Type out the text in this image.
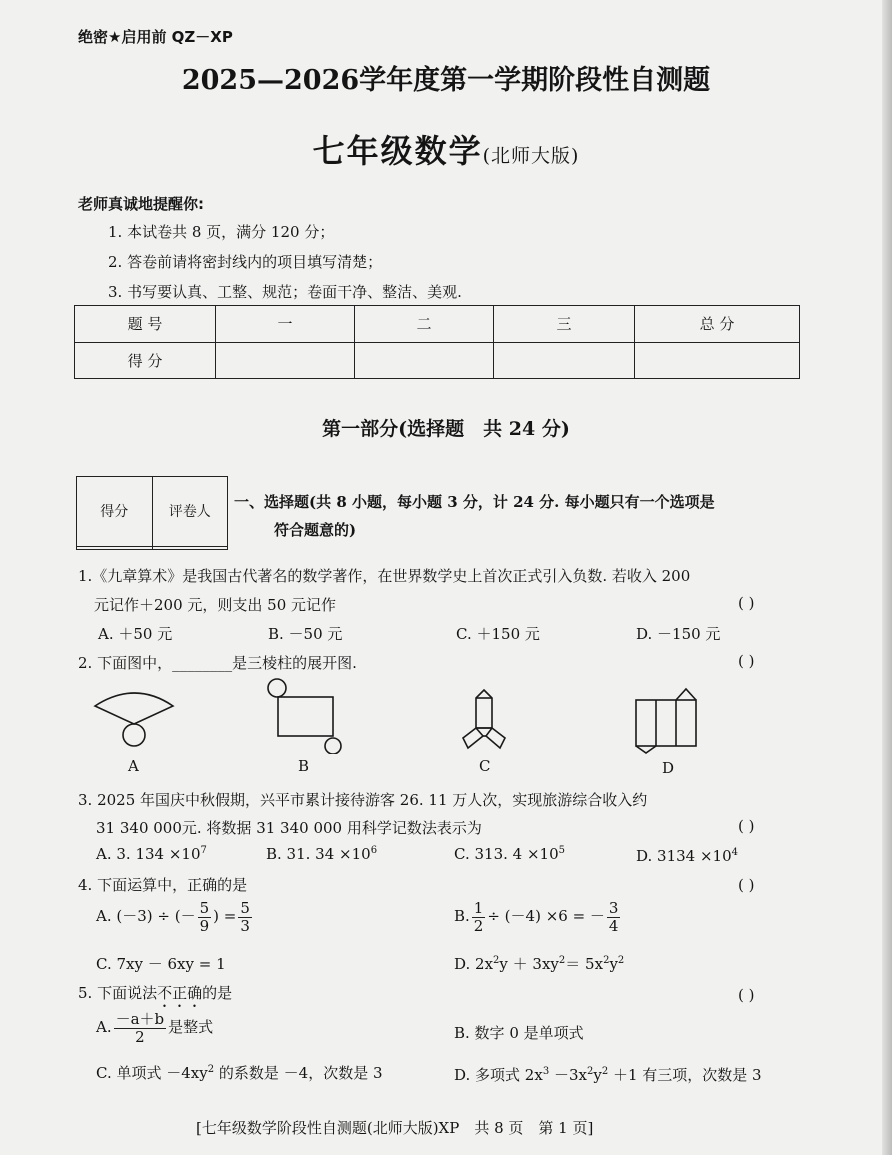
绝密★启用前 QZ－XP
2025—2026学年度第一学期阶段性自测题
七年级数学(北师大版)
老师真诚地提醒你:
1. 本试卷共 8 页，满分 120 分；
2. 答卷前请将密封线内的项目填写清楚；
3. 书写要认真、工整、规范；卷面干净、整洁、美观.
题 号	一	二	三	总 分
得 分				
第一部分(选择题　共 24 分)
得分	评卷人

一、选择题(共 8 小题，每小题 3 分，计 24 分. 每小题只有一个选项是
符合题意的)
1.《九章算术》是我国古代著名的数学著作，在世界数学史上首次正式引入负数. 若收入 200
元记作＋200 元，则支出 50 元记作	( )
A. ＋50 元	B. －50 元	C. ＋150 元	D. －150 元
2. 下面图中，________是三棱柱的展开图.	( )
A	B	C	D
3. 2025 年国庆中秋假期，兴平市累计接待游客 26. 11 万人次，实现旅游综合收入约
31 340 000元. 将数据 31 340 000 用科学记数法表示为	( )
A. 3. $134 \times 10^7$	B. 31. $34 \times 10^6$	C. 313. $4 \times 10^5$	D. $3134 \times 10^4$
4. 下面运算中，正确的是	( )
A. (－3) ÷ (－ $\frac{5}{9}$ ) = $\frac{5}{3}$	B. $\frac{1}{2} \div (-4) \times 6$ = － $\frac{3}{4}$
C. 7xy － 6xy = 1	D. $2x^2y + 3xy^2= 5x^2y^2$
5. 下面说法不正确的是	( )
A. $\frac{-a+b}{2}$ 是整式	B. 数字 0 是单项式
C. 单项式 $-4xy^2$ 的系数是 －4，次数是 3	D. 多项式 $2x^3 -3x^2y^2 +1$ 有三项，次数是 3
[七年级数学阶段性自测题(北师大版)XP　共 8 页　第 1 页]
